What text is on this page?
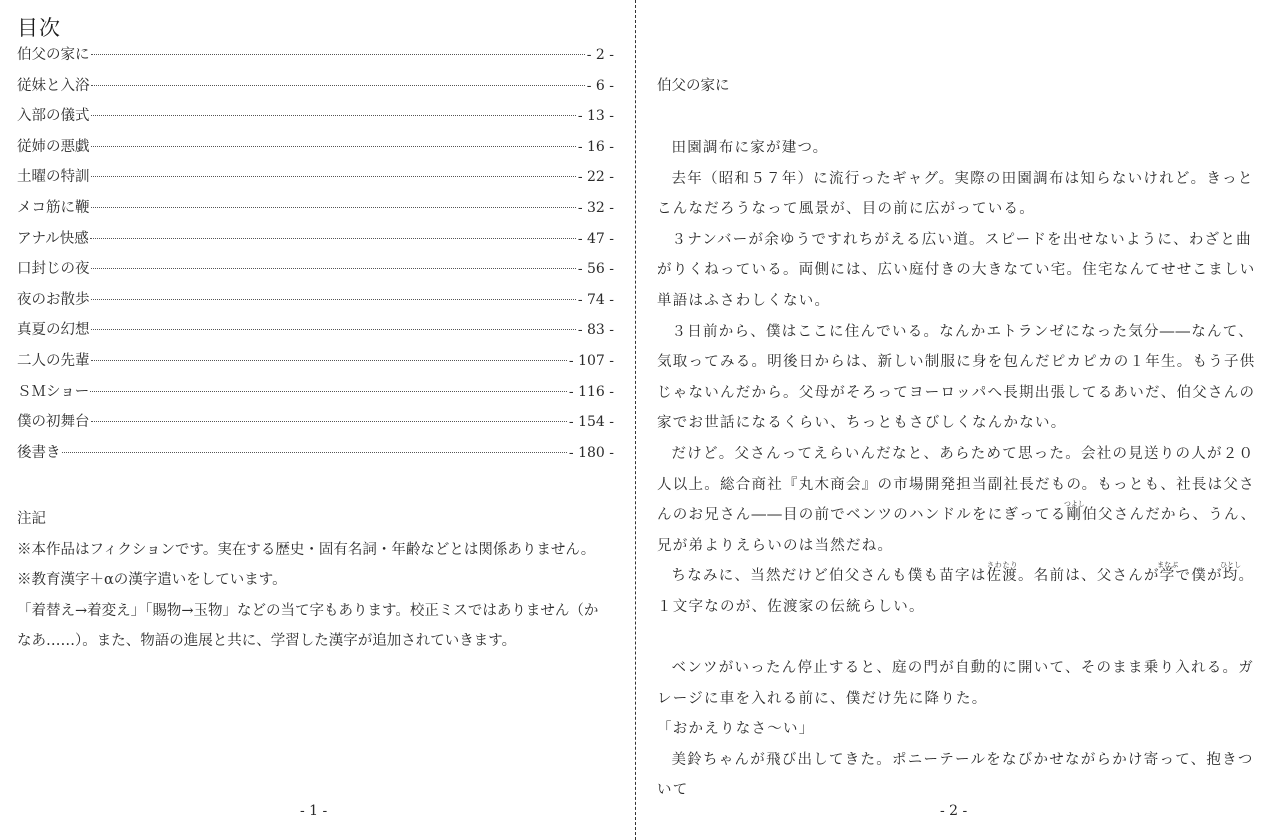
目次
伯父の家に	- 2 -
従妹と入浴	- 6 -
入部の儀式	- 13 -
従姉の悪戯	- 16 -
土曜の特訓	- 22 -
メコ筋に鞭	- 32 -
アナル快感	- 47 -
口封じの夜	- 56 -
夜のお散歩	- 74 -
真夏の幻想	- 83 -
二人の先輩	- 107 -
ＳＭショー	- 116 -
僕の初舞台	- 154 -
後書き	- 180 -

注記

※本作品はフィクションです。実在する歴史・固有名詞・年齢などとは関係ありません。

※教育漢字＋αの漢字遣いをしています。

「着替え→着変え」「賜物→玉物」などの当て字もあります。校正ミスではありません（か

なあ……）。また、物語の進展と共に、学習した漢字が追加されていきます。

- 1 -
伯父の家に

田園調布に家が建つ。

去年（昭和５７年）に流行ったギャグ。実際の田園調布は知らないけれど。きっとこんなだろうなって風景が、目の前に広がっている。

３ナンバーが余ゆうですれちがえる広い道。スピードを出せないように、わざと曲がりくねっている。両側には、広い庭付きの大きなてい宅。住宅なんてせせこましい単語はふさわしくない。

３日前から、僕はここに住んでいる。なんかエトランゼになった気分――なんて、気取ってみる。明後日からは、新しい制服に身を包んだピカピカの１年生。もう子供じゃないんだから。父母がそろってヨーロッパへ長期出張してるあいだ、伯父さんの家でお世話になるくらい、ちっともさびしくなんかない。

だけど。父さんってえらいんだなと、あらためて思った。会社の見送りの人が２０人以上。総合商社『丸木商会』の市場開発担当副社長だもの。もっとも、社長は父さんのお兄さん――目の前でベンツのハンドルをにぎってる剛つよし伯父さんだから、うん、兄が弟よりえらいのは当然だね。

ちなみに、当然だけど伯父さんも僕も苗字は佐渡さわたり。名前は、父さんが学まなぶで僕が均ひとし。１文字なのが、佐渡家の伝統らしい。

ベンツがいったん停止すると、庭の門が自動的に開いて、そのまま乗り入れる。ガレージに車を入れる前に、僕だけ先に降りた。

「おかえりなさ〜い」

美鈴ちゃんが飛び出してきた。ポニーテールをなびかせながらかけ寄って、抱きついて

- 2 -
